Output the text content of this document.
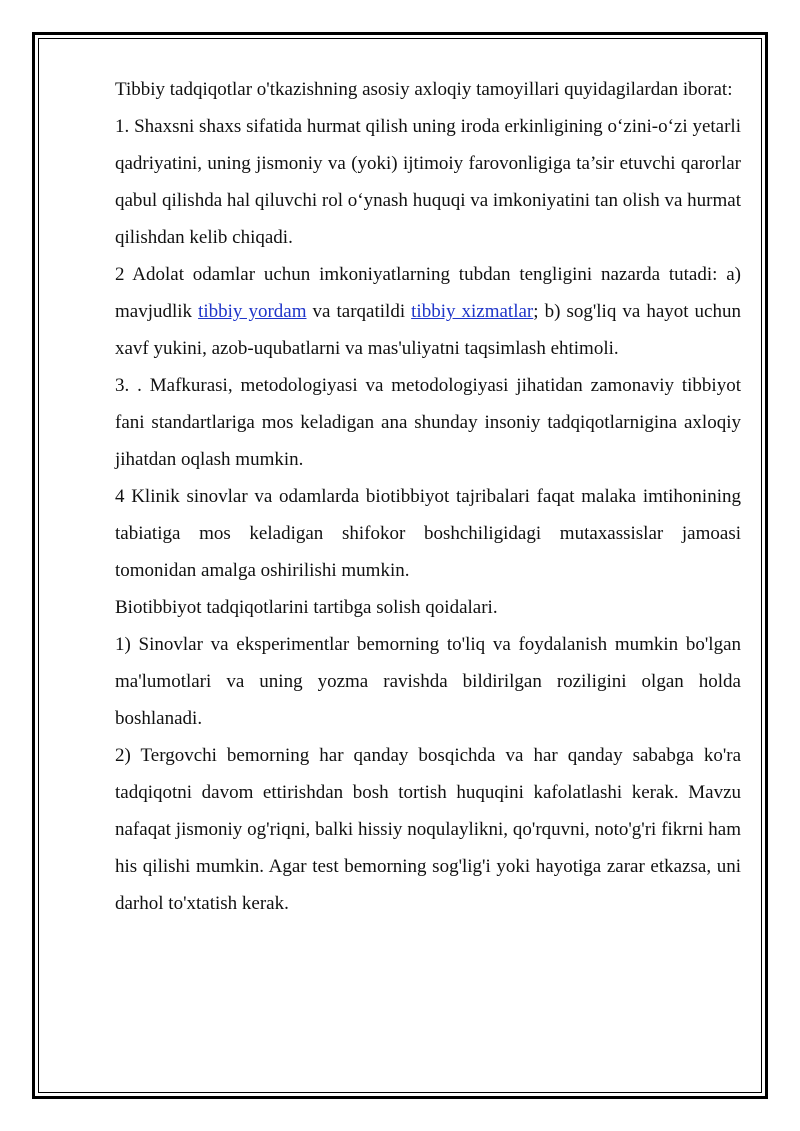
Tibbiy tadqiqotlar o'tkazishning asosiy axloqiy tamoyillari quyidagilardan iborat:

1. Shaxsni shaxs sifatida hurmat qilish uning iroda erkinligining o‘zini-o‘zi yetarli qadriyatini, uning jismoniy va (yoki) ijtimoiy farovonligiga ta’sir etuvchi qarorlar qabul qilishda hal qiluvchi rol o‘ynash huquqi va imkoniyatini tan olish va hurmat qilishdan kelib chiqadi.

2 Adolat odamlar uchun imkoniyatlarning tubdan tengligini nazarda tutadi: a) mavjudlik tibbiy yordam va tarqatildi tibbiy xizmatlar; b) sog'liq va hayot uchun xavf yukini, azob-uqubatlarni va mas'uliyatni taqsimlash ehtimoli.

3. . Mafkurasi, metodologiyasi va metodologiyasi jihatidan zamonaviy tibbiyot fani standartlariga mos keladigan ana shunday insoniy tadqiqotlarnigina axloqiy jihatdan oqlash mumkin.

4 Klinik sinovlar va odamlarda biotibbiyot tajribalari faqat malaka imtihonining tabiatiga mos keladigan shifokor boshchiligidagi mutaxassislar jamoasi tomonidan amalga oshirilishi mumkin.

Biotibbiyot tadqiqotlarini tartibga solish qoidalari.

1) Sinovlar va eksperimentlar bemorning to'liq va foydalanish mumkin bo'lgan ma'lumotlari va uning yozma ravishda bildirilgan roziligini olgan holda boshlanadi.

2) Tergovchi bemorning har qanday bosqichda va har qanday sababga ko'ra tadqiqotni davom ettirishdan bosh tortish huquqini kafolatlashi kerak. Mavzu nafaqat jismoniy og'riqni, balki hissiy noqulaylikni, qo'rquvni, noto'g'ri fikrni ham his qilishi mumkin. Agar test bemorning sog'lig'i yoki hayotiga zarar etkazsa, uni darhol to'xtatish kerak.
